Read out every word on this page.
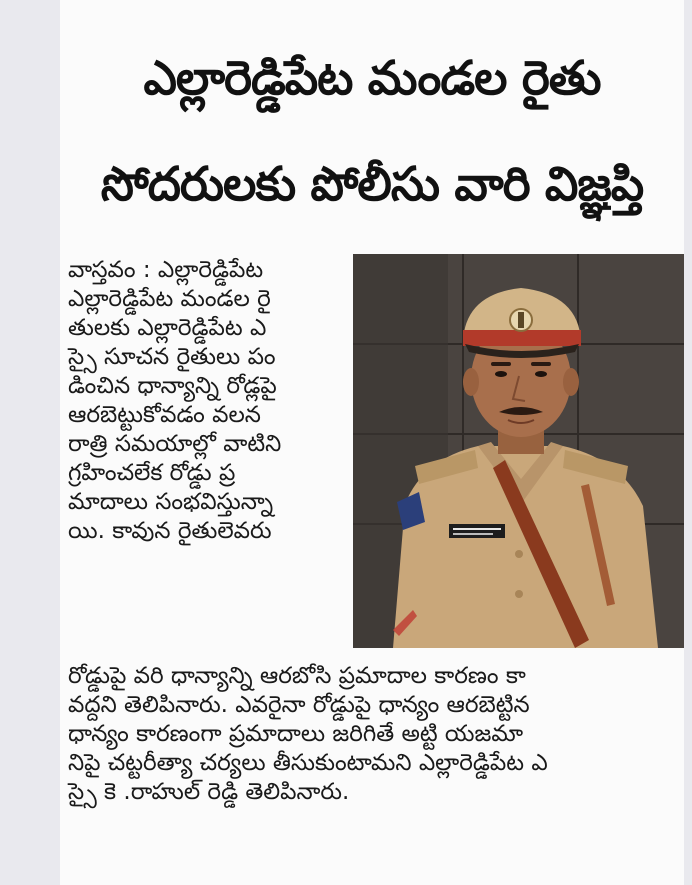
ఎల్లారెడ్డిపేట మండల రైతు
సోదరులకు పోలీసు వారి విజ్ఞప్తి
వాస్తవం : ఎల్లారెడ్డిపేట
ఎల్లారెడ్డిపేట మండల రై
తులకు ఎల్లారెడ్డిపేట ఎ
స్సై సూచన రైతులు పం
డించిన ధాన్యాన్ని రోడ్లపై
ఆరబెట్టుకోవడం వలన
రాత్రి సమయాల్లో వాటిని
గ్రహించలేక రోడ్డు ప్ర
మాదాలు సంభవిస్తున్నా
యి. కావున రైతులెవరు
రోడ్డుపై వరి ధాన్యాన్ని ఆరబోసి ప్రమాదాల కారణం కా
వద్దని తెలిపినారు. ఎవరైనా రోడ్డుపై ధాన్యం ఆరబెట్టిన
ధాన్యం కారణంగా ప్రమాదాలు జరిగితే అట్టి యజమా
నిపై చట్టరీత్యా చర్యలు తీసుకుంటామని ఎల్లారెడ్డిపేట ఎ
స్సై కె .రాహుల్ రెడ్డి తెలిపినారు.
